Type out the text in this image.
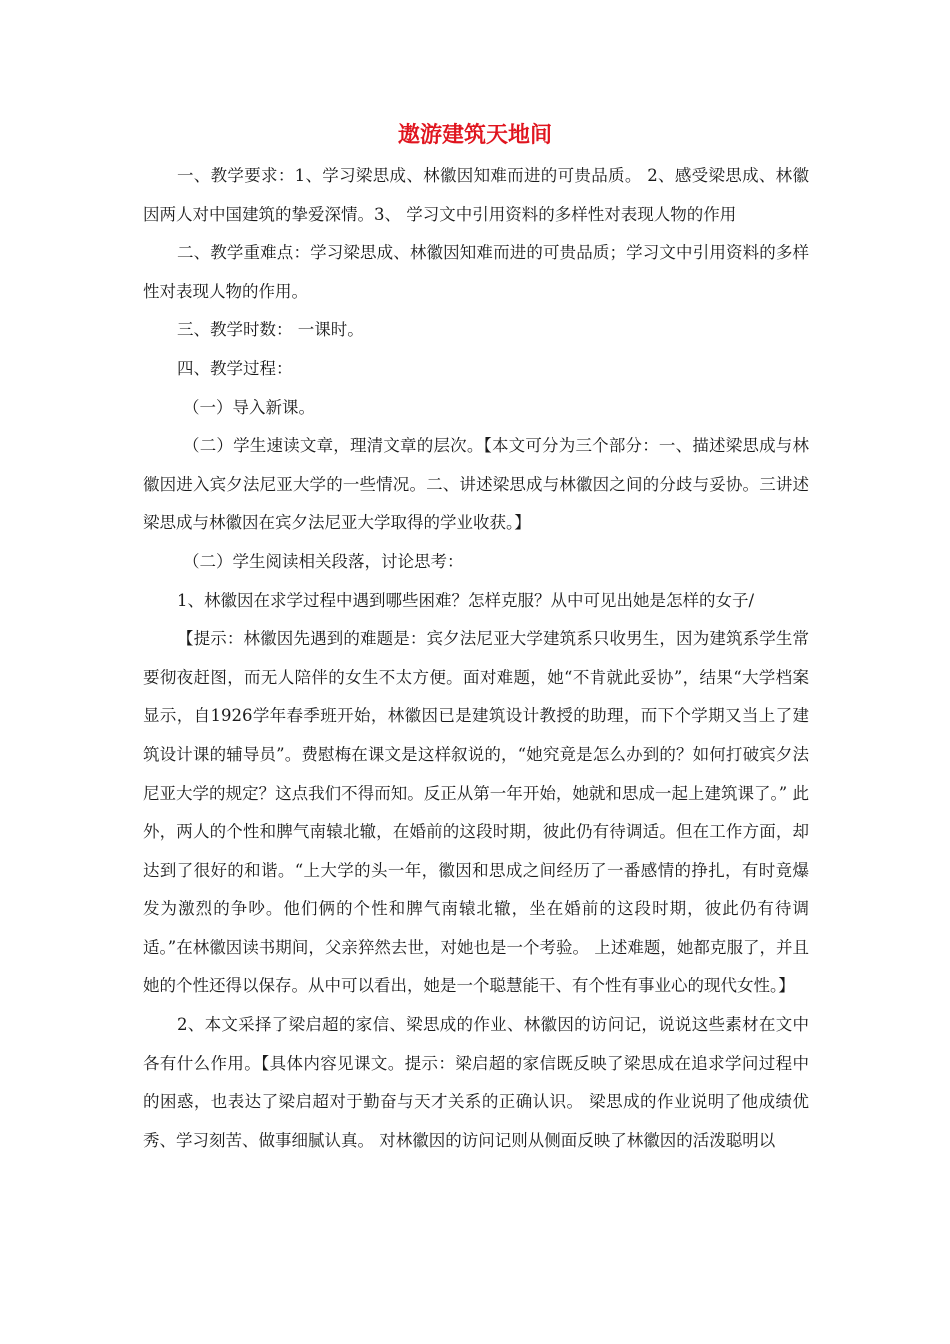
遨游建筑天地间

一、教学要求：1、学习梁思成、林徽因知难而进的可贵品质。 2、感受梁思成、林徽因两人对中国建筑的挚爱深情。3、 学习文中引用资料的多样性对表现人物的作用

二、教学重难点：学习梁思成、林徽因知难而进的可贵品质；学习文中引用资料的多样性对表现人物的作用。

三、教学时数： 一课时。

四、教学过程：

（一）导入新课。

（二）学生速读文章，理清文章的层次。【本文可分为三个部分：一、描述梁思成与林徽因进入宾夕法尼亚大学的一些情况。二、讲述梁思成与林徽因之间的分歧与妥协。三讲述梁思成与林徽因在宾夕法尼亚大学取得的学业收获。】

（二）学生阅读相关段落，讨论思考：

1、林徽因在求学过程中遇到哪些困难？怎样克服？从中可见出她是怎样的女子/

【提示：林徽因先遇到的难题是：宾夕法尼亚大学建筑系只收男生，因为建筑系学生常要彻夜赶图，而无人陪伴的女生不太方便。面对难题，她“不肯就此妥协”，结果“大学档案显示，自1926学年春季班开始，林徽因已是建筑设计教授的助理，而下个学期又当上了建筑设计课的辅导员”。费慰梅在课文是这样叙说的，“她究竟是怎么办到的？如何打破宾夕法尼亚大学的规定？这点我们不得而知。反正从第一年开始，她就和思成一起上建筑课了。” 此外，两人的个性和脾气南辕北辙，在婚前的这段时期，彼此仍有待调适。但在工作方面，却达到了很好的和谐。“上大学的头一年，徽因和思成之间经历了一番感情的挣扎，有时竟爆发为激烈的争吵。他们俩的个性和脾气南辕北辙，坐在婚前的这段时期，彼此仍有待调适。”在林徽因读书期间，父亲猝然去世，对她也是一个考验。 上述难题，她都克服了，并且她的个性还得以保存。从中可以看出，她是一个聪慧能干、有个性有事业心的现代女性。】

2、本文采择了梁启超的家信、梁思成的作业、林徽因的访问记，说说这些素材在文中各有什么作用。【具体内容见课文。提示：梁启超的家信既反映了梁思成在追求学问过程中的困惑，也表达了梁启超对于勤奋与天才关系的正确认识。 梁思成的作业说明了他成绩优秀、学习刻苦、做事细腻认真。 对林徽因的访问记则从侧面反映了林徽因的活泼聪明以
